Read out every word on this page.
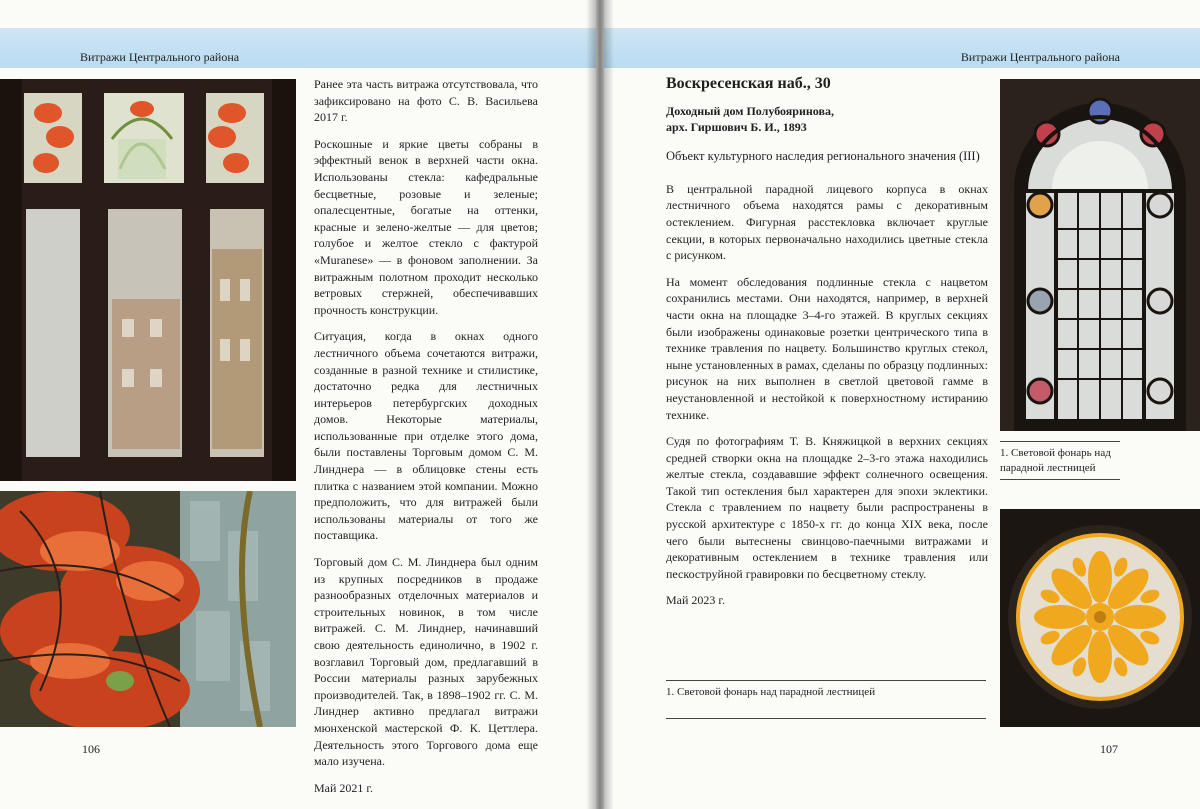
Витражи Центрального района

Ранее эта часть витража отсутствовала, что зафиксировано на фото С. В. Васильева 2017 г.

Роскошные и яркие цветы собраны в эффектный венок в верхней части окна. Использованы стекла: кафедральные бесцветные, розовые и зеленые; опалесцентные, богатые на оттенки, красные и зелено-желтые — для цветов; голубое и желтое стекло с фактурой «Muranese» — в фоновом заполнении. За витражным полотном проходит несколько ветровых стержней, обеспечивавших прочность конструкции.

Ситуация, когда в окнах одного лестничного объема сочетаются витражи, созданные в разной технике и стилистике, достаточно редка для лестничных интерьеров петербургских доходных домов. Некоторые материалы, использованные при отделке этого дома, были поставлены Торговым домом С. М. Линднера — в облицовке стены есть плитка с названием этой компании. Можно предположить, что для витражей были использованы материалы от того же поставщика.

Торговый дом С. М. Линднера был одним из крупных посредников в продаже разнообразных отделочных материалов и строительных новинок, в том числе витражей. С. М. Линднер, начинавший свою деятельность единолично, в 1902 г. возглавил Торговый дом, предлагавший в России материалы разных зарубежных производителей. Так, в 1898–1902 гг. С. М. Линднер активно предлагал витражи мюнхенской мастерской Ф. К. Цеттлера. Деятельность этого Торгового дома еще мало изучена.

Май 2021 г.

106
Витражи Центрального района
Воскресенская наб., 30
Доходный дом Полубояринова,
арх. Гиршович Б. И., 1893
Объект культурного наследия регионального значения (III)

В центральной парадной лицевого корпуса в окнах лестничного объема находятся рамы с декоративным остеклением. Фигурная расстекловка включает круглые секции, в которых первоначально находились цветные стекла с рисунком.

На момент обследования подлинные стекла с нацветом сохранились местами. Они находятся, например, в верхней части окна на площадке 3–4-го этажей. В круглых секциях были изображены одинаковые розетки центрического типа в технике травления по нацвету. Большинство круглых стекол, ныне установленных в рамах, сделаны по образцу подлинных: рисунок на них выполнен в светлой цветовой гамме в неустановленной и нестойкой к поверхностному истиранию технике.

Судя по фотографиям Т. В. Княжицкой в верхних секциях средней створки окна на площадке 2–3-го этажа находились желтые стекла, создававшие эффект солнечного освещения. Такой тип остекления был характерен для эпохи эклектики. Стекла с травлением по нацвету были распространены в русской архитектуре с 1850-х гг. до конца XIX века, после чего были вытеснены свинцово-паечными витражами и декоративным остеклением в технике травления или пескоструйной гравировки по бесцветному стеклу.

Май 2023 г.

1. Световой фонарь над парадной лестницей
1. Световой фонарь над парадной лестницей
107
